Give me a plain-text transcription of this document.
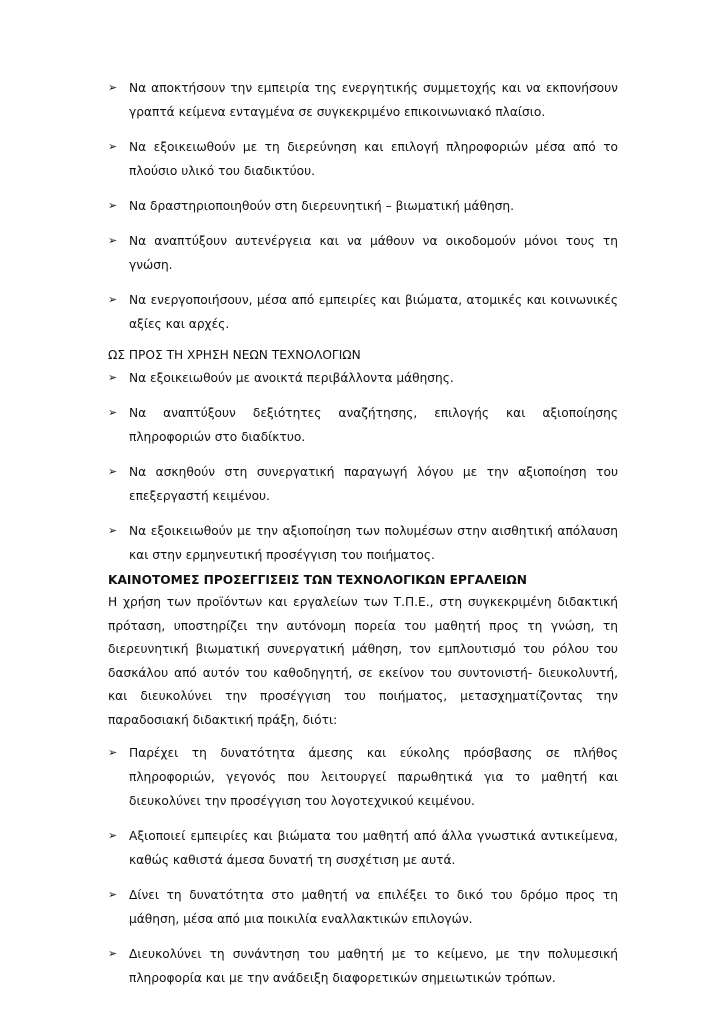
➢ Να αποκτήσουν την εμπειρία της ενεργητικής συμμετοχής και να εκπονήσουν γραπτά κείμενα ενταγμένα σε συγκεκριμένο επικοινωνιακό πλαίσιο.
➢ Να εξοικειωθούν με τη διερεύνηση και επιλογή πληροφοριών μέσα από το πλούσιο υλικό του διαδικτύου.
➢ Να δραστηριοποιηθούν στη διερευνητική – βιωματική μάθηση.
➢ Να αναπτύξουν αυτενέργεια και να μάθουν να οικοδομούν μόνοι τους τη γνώση.
➢ Να ενεργοποιήσουν, μέσα από εμπειρίες και βιώματα, ατομικές και κοινωνικές αξίες και αρχές.
ΩΣ ΠΡΟΣ ΤΗ ΧΡΗΣΗ ΝΕΩΝ ΤΕΧΝΟΛΟΓΙΩΝ
➢ Να εξοικειωθούν με ανοικτά περιβάλλοντα μάθησης.
➢ Να αναπτύξουν δεξιότητες αναζήτησης, επιλογής και αξιοποίησης πληροφοριών στο διαδίκτυο.
➢ Να ασκηθούν στη συνεργατική παραγωγή λόγου με την αξιοποίηση του επεξεργαστή κειμένου.
➢ Να εξοικειωθούν με την αξιοποίηση των πολυμέσων στην αισθητική απόλαυση και στην ερμηνευτική προσέγγιση του ποιήματος.
ΚΑΙΝΟΤΟΜΕΣ ΠΡΟΣΕΓΓΙΣΕΙΣ ΤΩΝ ΤΕΧΝΟΛΟΓΙΚΩΝ ΕΡΓΑΛΕΙΩΝ

Η χρήση των προϊόντων και εργαλείων των Τ.Π.Ε., στη συγκεκριμένη διδακτική πρόταση, υποστηρίζει την αυτόνομη πορεία του μαθητή προς τη γνώση, τη διερευνητική βιωματική συνεργατική μάθηση, τον εμπλουτισμό του ρόλου του δασκάλου από αυτόν του καθοδηγητή, σε εκείνον του συντονιστή- διευκολυντή, και διευκολύνει την προσέγγιση του ποιήματος, μετασχηματίζοντας την παραδοσιακή διδακτική πράξη, διότι:

➢ Παρέχει τη δυνατότητα άμεσης και εύκολης πρόσβασης σε πλήθος πληροφοριών, γεγονός που λειτουργεί παρωθητικά για το μαθητή και διευκολύνει την προσέγγιση του λογοτεχνικού κειμένου.
➢ Αξιοποιεί εμπειρίες και βιώματα του μαθητή από άλλα γνωστικά αντικείμενα, καθώς καθιστά άμεσα δυνατή τη συσχέτιση με αυτά.
➢ Δίνει τη δυνατότητα στο μαθητή να επιλέξει το δικό του δρόμο προς τη μάθηση, μέσα από μια ποικιλία εναλλακτικών επιλογών.
➢ Διευκολύνει τη συνάντηση του μαθητή με το κείμενο, με την πολυμεσική πληροφορία και με την ανάδειξη διαφορετικών σημειωτικών τρόπων.
